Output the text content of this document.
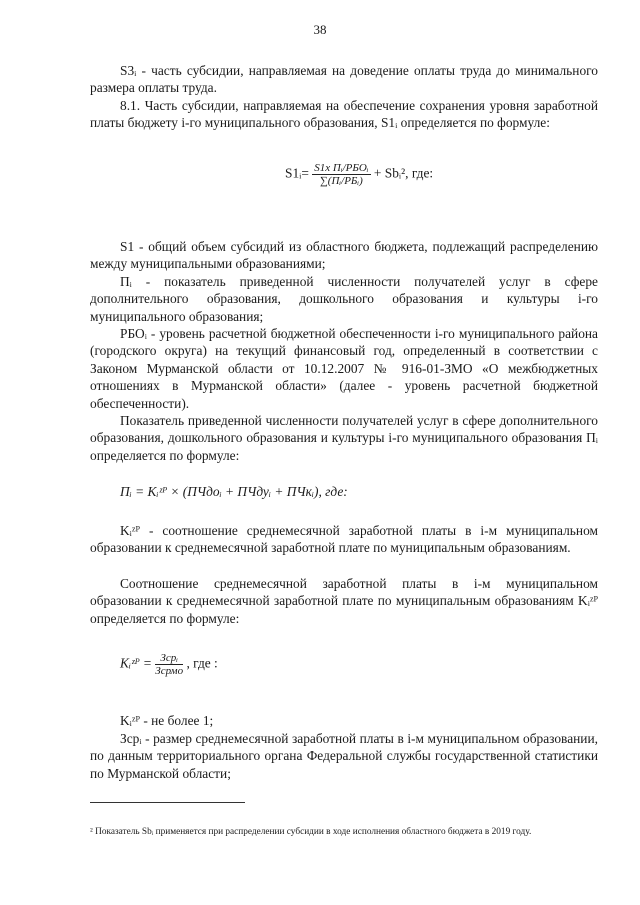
38
S3ᵢ - часть субсидии, направляемая на доведение оплаты труда до минимального размера оплаты труда.
8.1. Часть субсидии, направляемая на обеспечение сохранения уровня заработной платы бюджету i-го муниципального образования, S1ᵢ определяется по формуле:
S1ᵢ= $\frac{\text{S1x Пᵢ/РБОᵢ}}{\text{∑(Пᵢ/РБᵢ)}}$ + Sbᵢ², где:
S1 - общий объем субсидий из областного бюджета, подлежащий распределению между муниципальными образованиями;
Пᵢ - показатель приведенной численности получателей услуг в сфере дополнительного образования, дошкольного образования и культуры i-го муниципального образования;
РБОᵢ - уровень расчетной бюджетной обеспеченности i-го муниципального района (городского округа) на текущий финансовый год, определенный в соответствии с Законом Мурманской области от 10.12.2007 № 916-01-ЗМО «О межбюджетных отношениях в Мурманской области» (далее - уровень расчетной бюджетной обеспеченности).
Показатель приведенной численности получателей услуг в сфере дополнительного образования, дошкольного образования и культуры i-го муниципального образования Пᵢ определяется по формуле:
Пᵢ = Kᵢᶻᴾ × (ПЧдоᵢ + ПЧдуᵢ + ПЧкᵢ), где:
Kᵢᶻᴾ - соотношение среднемесячной заработной платы в i-м муниципальном образовании к среднемесячной заработной плате по муниципальным образованиям.
Соотношение среднемесячной заработной платы в i-м муниципальном образовании к среднемесячной заработной плате по муниципальным образованиям Kᵢᶻᴾ определяется по формуле:
Kᵢᶻᴾ = $\frac{\text{Зсрᵢ}}{\text{Зсрмо}}$ , где :
Kᵢᶻᴾ - не более 1;
Зсрᵢ - размер среднемесячной заработной платы в i-м муниципальном образовании, по данным территориального органа Федеральной службы государственной статистики по Мурманской области;
² Показатель Sbᵢ применяется при распределении субсидии в ходе исполнения областного бюджета в 2019 году.
